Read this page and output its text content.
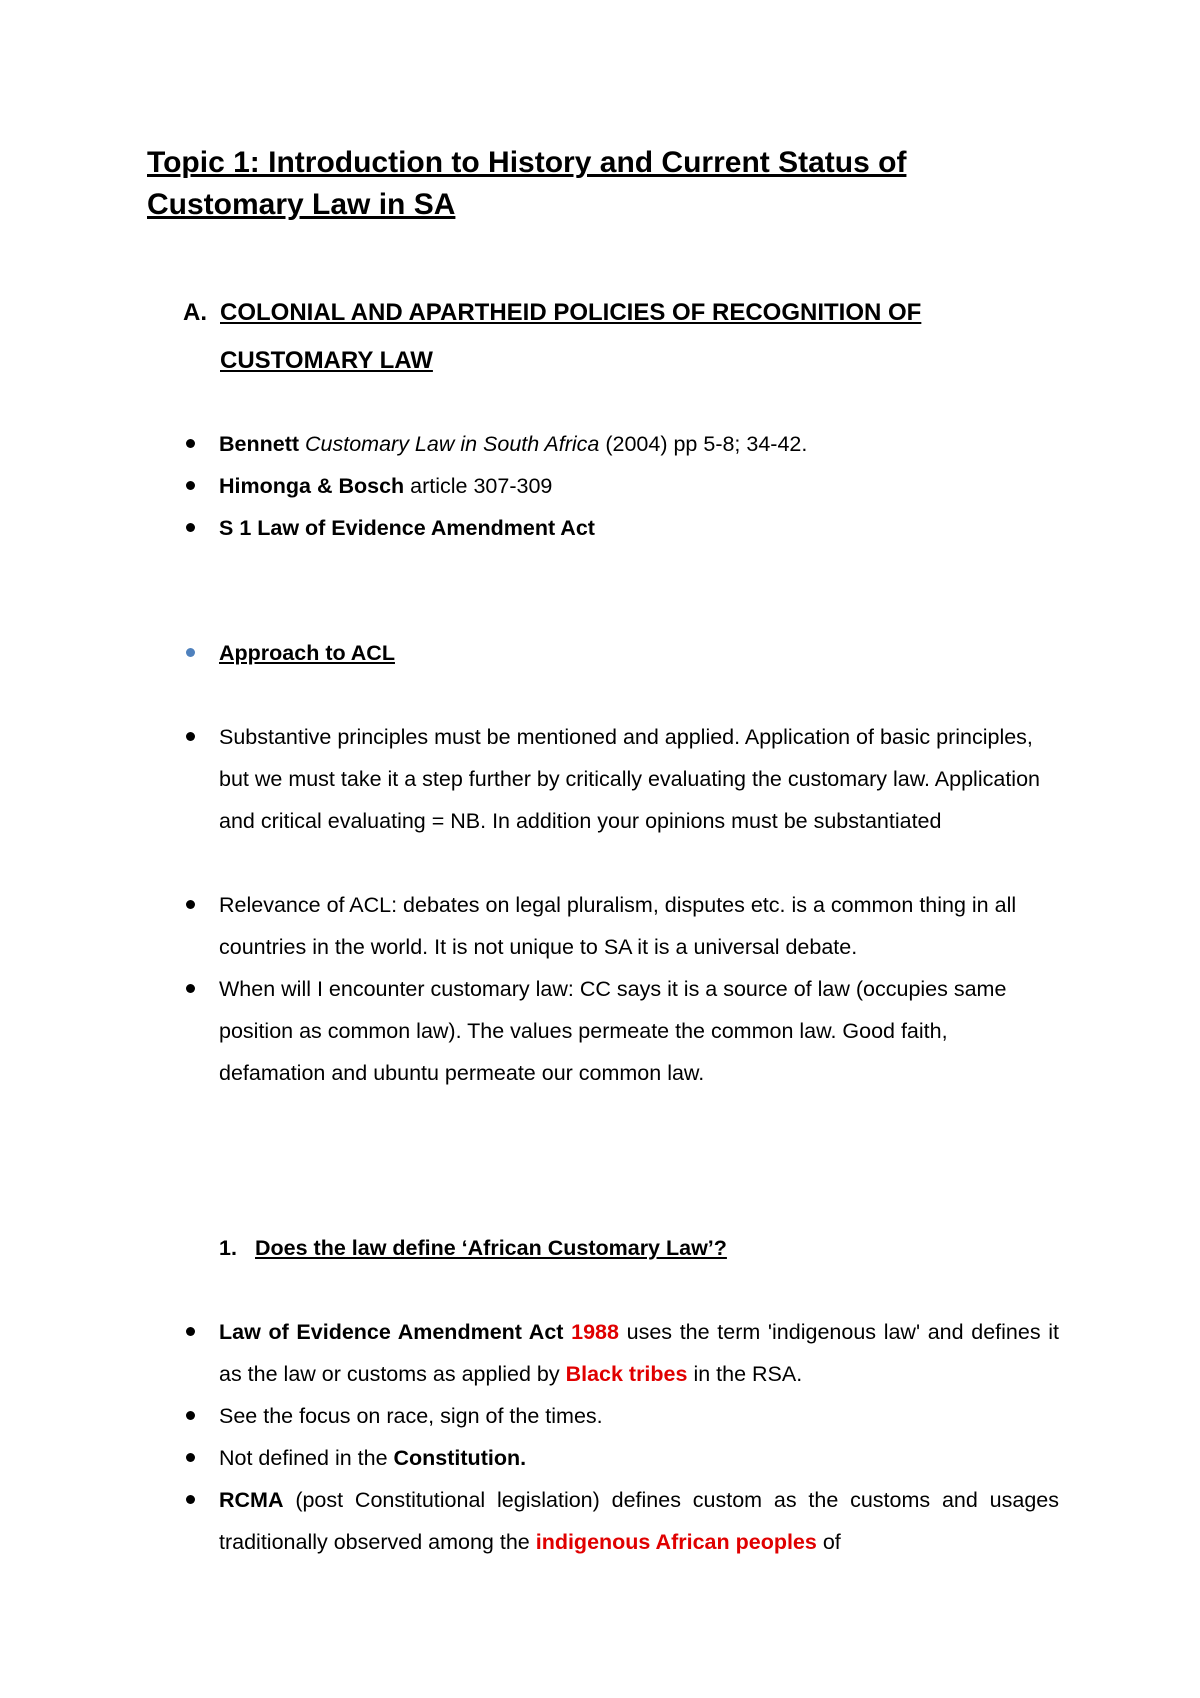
Topic 1: Introduction to History and Current Status of Customary Law in SA
A. COLONIAL AND APARTHEID POLICIES OF RECOGNITION OF CUSTOMARY LAW
Bennett Customary Law in South Africa (2004) pp 5-8; 34-42.
Himonga & Bosch article 307-309
S 1 Law of Evidence Amendment Act
Approach to ACL
Substantive principles must be mentioned and applied. Application of basic principles, but we must take it a step further by critically evaluating the customary law. Application and critical evaluating = NB. In addition your opinions must be substantiated
Relevance of ACL: debates on legal pluralism, disputes etc. is a common thing in all countries in the world. It is not unique to SA it is a universal debate.
When will I encounter customary law: CC says it is a source of law (occupies same position as common law). The values permeate the common law. Good faith, defamation and ubuntu permeate our common law.
1. Does the law define ‘African Customary Law’?
Law of Evidence Amendment Act 1988 uses the term 'indigenous law' and defines it as the law or customs as applied by Black tribes in the RSA.
See the focus on race, sign of the times.
Not defined in the Constitution.
RCMA (post Constitutional legislation) defines custom as the customs and usages traditionally observed among the indigenous African peoples of
